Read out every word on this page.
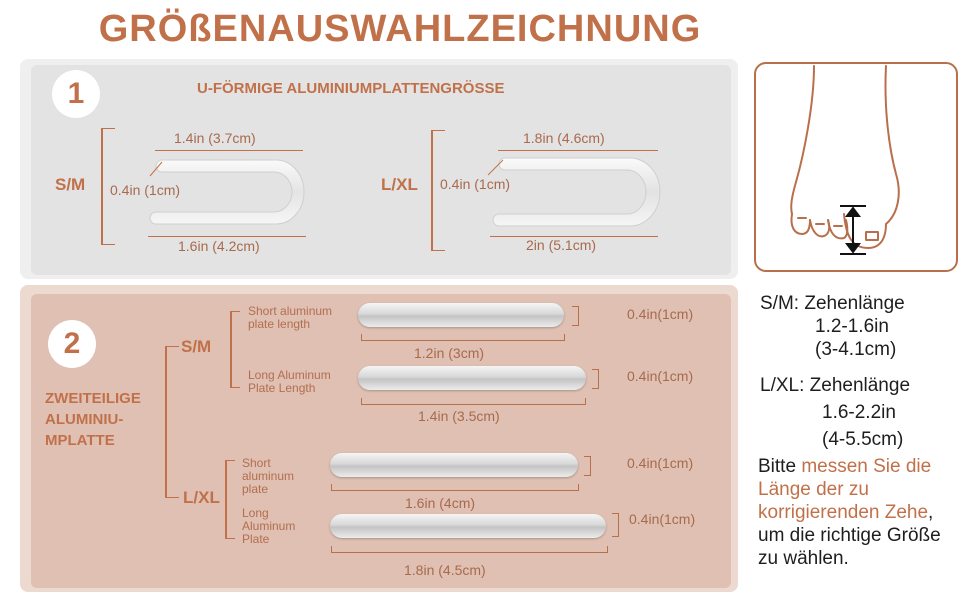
GRÖßENAUSWAHLZEICHNUNG
1	U-FÖRMIGE ALUMINIUMPLATTENGRÖSSE
S/M
1.4in (3.7cm)
0.4in (1cm)
1.6in (4.2cm)
L/XL
1.8in (4.6cm)
0.4in (1cm)
2in (5.1cm)
2
ZWEITEILIGE
ALUMINIU-
MPLATTE
S/M
L/XL
Short aluminum
plate length
0.4in(1cm)
1.2in (3cm)
Long Aluminum
Plate Length
0.4in(1cm)
1.4in (3.5cm)
Short
aluminum
plate
0.4in(1cm)
1.6in (4cm)
Long
Aluminum
Plate
0.4in(1cm)
1.8in (4.5cm)
S/M: Zehenlänge
1.2-1.6in
(3-4.1cm)
L/XL: Zehenlänge
1.6-2.2in
(4-5.5cm)
Bitte messen Sie die Länge der zu korrigierenden Zehe, um die richtige Größe zu wählen.
